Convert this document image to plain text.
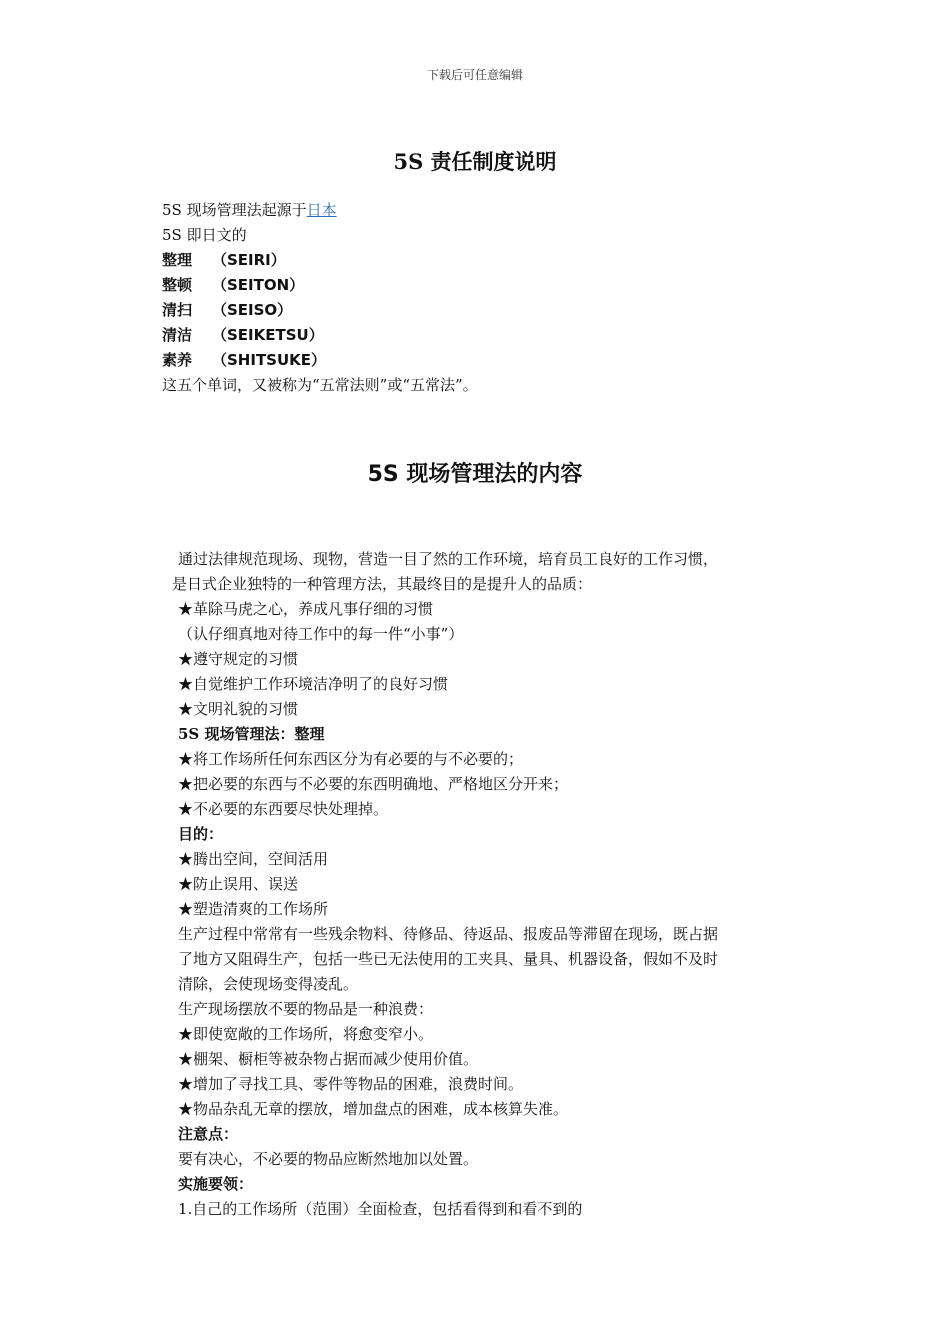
下载后可任意编辑
5S 责任制度说明
5S 现场管理法起源于日本
5S 即日文的
整理 （SEIRI）
整顿 （SEITON）
清扫 （SEISO）
清洁 （SEIKETSU）
素养 （SHITSUKE）
这五个单词，又被称为“五常法则”或“五常法”。
5S 现场管理法的内容
通过法律规范现场、现物，营造一目了然的工作环境，培育员工良好的工作习惯，
是日式企业独特的一种管理方法，其最终目的是提升人的品质：
★革除马虎之心，养成凡事仔细的习惯
（认仔细真地对待工作中的每一件“小事”）
★遵守规定的习惯
★自觉维护工作环境洁净明了的良好习惯
★文明礼貌的习惯
5S 现场管理法：整理
★将工作场所任何东西区分为有必要的与不必要的；
★把必要的东西与不必要的东西明确地、严格地区分开来；
★不必要的东西要尽快处理掉。
目的：
★腾出空间，空间活用
★防止误用、误送
★塑造清爽的工作场所
生产过程中常常有一些残余物料、待修品、待返品、报废品等滞留在现场，既占据
了地方又阻碍生产，包括一些已无法使用的工夹具、量具、机器设备，假如不及时
清除，会使现场变得凌乱。
生产现场摆放不要的物品是一种浪费：
★即使宽敞的工作场所，将愈变窄小。
★棚架、橱柜等被杂物占据而减少使用价值。
★增加了寻找工具、零件等物品的困难，浪费时间。
★物品杂乱无章的摆放，增加盘点的困难，成本核算失准。
注意点：
要有决心，不必要的物品应断然地加以处置。
实施要领：
1.自己的工作场所（范围）全面检查，包括看得到和看不到的
